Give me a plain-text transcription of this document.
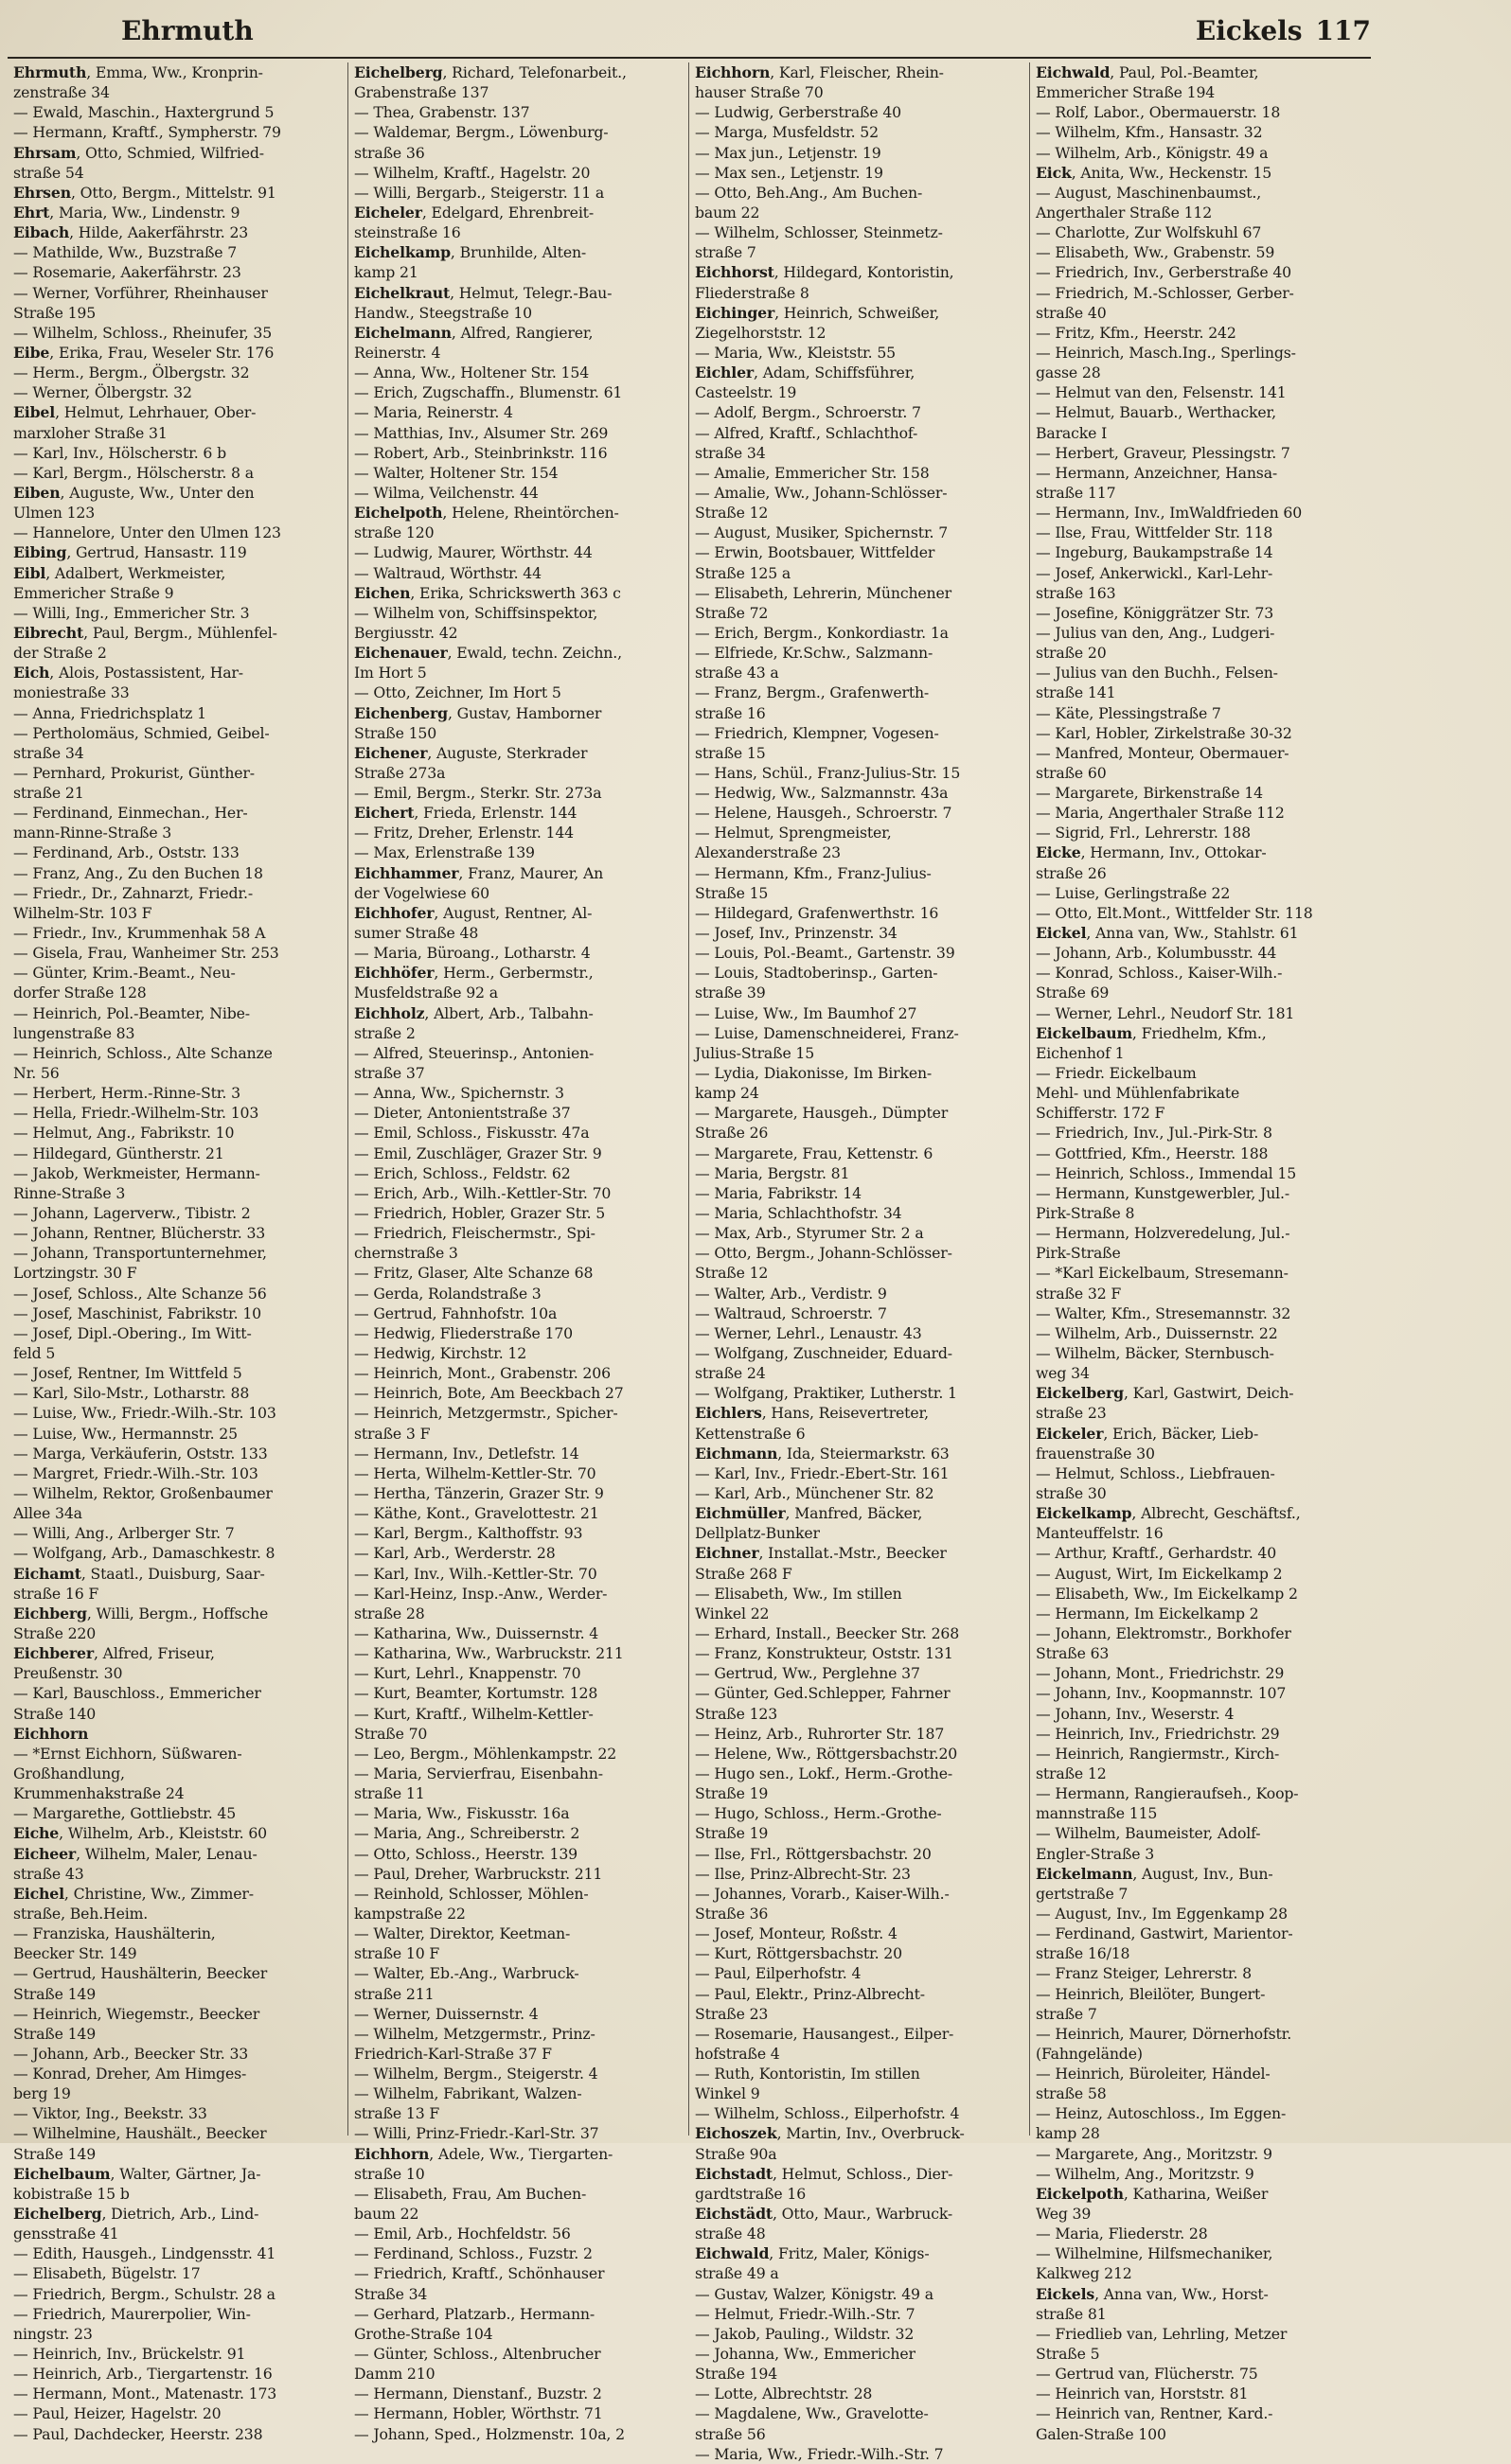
Ehrmuth	Eickels 117
Ehrmuth, Emma, Ww., Kronprin-
zenstraße 34
— Ewald, Maschin., Haxtergrund 5
— Hermann, Kraftf., Sympherstr. 79
Ehrsam, Otto, Schmied, Wilfried-
straße 54
Ehrsen, Otto, Bergm., Mittelstr. 91
Ehrt, Maria, Ww., Lindenstr. 9
Eibach, Hilde, Aakerfährstr. 23
— Mathilde, Ww., Buzstraße 7
— Rosemarie, Aakerfährstr. 23
— Werner, Vorführer, Rheinhauser
Straße 195
— Wilhelm, Schloss., Rheinufer, 35
Eibe, Erika, Frau, Weseler Str. 176
— Herm., Bergm., Ölbergstr. 32
— Werner, Ölbergstr. 32
Eibel, Helmut, Lehrhauer, Ober-
marxloher Straße 31
— Karl, Inv., Hölscherstr. 6 b
— Karl, Bergm., Hölscherstr. 8 a
Eiben, Auguste, Ww., Unter den
Ulmen 123
— Hannelore, Unter den Ulmen 123
Eibing, Gertrud, Hansastr. 119
Eibl, Adalbert, Werkmeister,
Emmericher Straße 9
— Willi, Ing., Emmericher Str. 3
Eibrecht, Paul, Bergm., Mühlenfel-
der Straße 2
Eich, Alois, Postassistent, Har-
moniestraße 33
— Anna, Friedrichsplatz 1
— Pertholomäus, Schmied, Geibel-
straße 34
— Pernhard, Prokurist, Günther-
straße 21
— Ferdinand, Einmechan., Her-
mann-Rinne-Straße 3
— Ferdinand, Arb., Oststr. 133
— Franz, Ang., Zu den Buchen 18
— Friedr., Dr., Zahnarzt, Friedr.-
Wilhelm-Str. 103 F
— Friedr., Inv., Krummenhak 58 A
— Gisela, Frau, Wanheimer Str. 253
— Günter, Krim.-Beamt., Neu-
dorfer Straße 128
— Heinrich, Pol.-Beamter, Nibe-
lungenstraße 83
— Heinrich, Schloss., Alte Schanze
Nr. 56
— Herbert, Herm.-Rinne-Str. 3
— Hella, Friedr.-Wilhelm-Str. 103
— Helmut, Ang., Fabrikstr. 10
— Hildegard, Güntherstr. 21
— Jakob, Werkmeister, Hermann-
Rinne-Straße 3
— Johann, Lagerverw., Tibistr. 2
— Johann, Rentner, Blücherstr. 33
— Johann, Transportunternehmer,
Lortzingstr. 30 F
— Josef, Schloss., Alte Schanze 56
— Josef, Maschinist, Fabrikstr. 10
— Josef, Dipl.-Obering., Im Witt-
feld 5
— Josef, Rentner, Im Wittfeld 5
— Karl, Silo-Mstr., Lotharstr. 88
— Luise, Ww., Friedr.-Wilh.-Str. 103
— Luise, Ww., Hermannstr. 25
— Marga, Verkäuferin, Oststr. 133
— Margret, Friedr.-Wilh.-Str. 103
— Wilhelm, Rektor, Großenbaumer
Allee 34a
— Willi, Ang., Arlberger Str. 7
— Wolfgang, Arb., Damaschkestr. 8
Eichamt, Staatl., Duisburg, Saar-
straße 16 F
Eichberg, Willi, Bergm., Hoffsche
Straße 220
Eichberer, Alfred, Friseur,
Preußenstr. 30
— Karl, Bauschloss., Emmericher
Straße 140
Eichhorn
— *Ernst Eichhorn, Süßwaren-
Großhandlung,
Krummenhakstraße 24
— Margarethe, Gottliebstr. 45
Eiche, Wilhelm, Arb., Kleiststr. 60
Eicheer, Wilhelm, Maler, Lenau-
straße 43
Eichel, Christine, Ww., Zimmer-
straße, Beh.Heim.
— Franziska, Haushälterin,
Beecker Str. 149
— Gertrud, Haushälterin, Beecker
Straße 149
— Heinrich, Wiegemstr., Beecker
Straße 149
— Johann, Arb., Beecker Str. 33
— Konrad, Dreher, Am Himges-
berg 19
— Viktor, Ing., Beekstr. 33
— Wilhelmine, Haushält., Beecker
Straße 149
Eichelbaum, Walter, Gärtner, Ja-
kobistraße 15 b
Eichelberg, Dietrich, Arb., Lind-
gensstraße 41
— Edith, Hausgeh., Lindgensstr. 41
— Elisabeth, Bügelstr. 17
— Friedrich, Bergm., Schulstr. 28 a
— Friedrich, Maurerpolier, Win-
ningstr. 23
— Heinrich, Inv., Brückelstr. 91
— Heinrich, Arb., Tiergartenstr. 16
— Hermann, Mont., Matenastr. 173
— Paul, Heizer, Hagelstr. 20
— Paul, Dachdecker, Heerstr. 238
Eichelberg, Richard, Telefonarbeit.,
Grabenstraße 137
— Thea, Grabenstr. 137
— Waldemar, Bergm., Löwenburg-
straße 36
— Wilhelm, Kraftf., Hagelstr. 20
— Willi, Bergarb., Steigerstr. 11 a
Eicheler, Edelgard, Ehrenbreit-
steinstraße 16
Eichelkamp, Brunhilde, Alten-
kamp 21
Eichelkraut, Helmut, Telegr.-Bau-
Handw., Steegstraße 10
Eichelmann, Alfred, Rangierer,
Reinerstr. 4
— Anna, Ww., Holtener Str. 154
— Erich, Zugschaffn., Blumenstr. 61
— Maria, Reinerstr. 4
— Matthias, Inv., Alsumer Str. 269
— Robert, Arb., Steinbrinkstr. 116
— Walter, Holtener Str. 154
— Wilma, Veilchenstr. 44
Eichelpoth, Helene, Rheintörchen-
straße 120
— Ludwig, Maurer, Wörthstr. 44
— Waltraud, Wörthstr. 44
Eichen, Erika, Schrickswerth 363 c
— Wilhelm von, Schiffsinspektor,
Bergiusstr. 42
Eichenauer, Ewald, techn. Zeichn.,
Im Hort 5
— Otto, Zeichner, Im Hort 5
Eichenberg, Gustav, Hamborner
Straße 150
Eichener, Auguste, Sterkrader
Straße 273a
— Emil, Bergm., Sterkr. Str. 273a
Eichert, Frieda, Erlenstr. 144
— Fritz, Dreher, Erlenstr. 144
— Max, Erlenstraße 139
Eichhammer, Franz, Maurer, An
der Vogelwiese 60
Eichhofer, August, Rentner, Al-
sumer Straße 48
— Maria, Büroang., Lotharstr. 4
Eichhöfer, Herm., Gerbermstr.,
Musfeldstraße 92 a
Eichholz, Albert, Arb., Talbahn-
straße 2
— Alfred, Steuerinsp., Antonien-
straße 37
— Anna, Ww., Spichernstr. 3
— Dieter, Antonientstraße 37
— Emil, Schloss., Fiskusstr. 47a
— Emil, Zuschläger, Grazer Str. 9
— Erich, Schloss., Feldstr. 62
— Erich, Arb., Wilh.-Kettler-Str. 70
— Friedrich, Hobler, Grazer Str. 5
— Friedrich, Fleischermstr., Spi-
chernstraße 3
— Fritz, Glaser, Alte Schanze 68
— Gerda, Rolandstraße 3
— Gertrud, Fahnhofstr. 10a
— Hedwig, Fliederstraße 170
— Hedwig, Kirchstr. 12
— Heinrich, Mont., Grabenstr. 206
— Heinrich, Bote, Am Beeckbach 27
— Heinrich, Metzgermstr., Spicher-
straße 3 F
— Hermann, Inv., Detlefstr. 14
— Herta, Wilhelm-Kettler-Str. 70
— Hertha, Tänzerin, Grazer Str. 9
— Käthe, Kont., Gravelottestr. 21
— Karl, Bergm., Kalthoffstr. 93
— Karl, Arb., Werderstr. 28
— Karl, Inv., Wilh.-Kettler-Str. 70
— Karl-Heinz, Insp.-Anw., Werder-
straße 28
— Katharina, Ww., Duissernstr. 4
— Katharina, Ww., Warbruckstr. 211
— Kurt, Lehrl., Knappenstr. 70
— Kurt, Beamter, Kortumstr. 128
— Kurt, Kraftf., Wilhelm-Kettler-
Straße 70
— Leo, Bergm., Möhlenkampstr. 22
— Maria, Servierfrau, Eisenbahn-
straße 11
— Maria, Ww., Fiskusstr. 16a
— Maria, Ang., Schreiberstr. 2
— Otto, Schloss., Heerstr. 139
— Paul, Dreher, Warbruckstr. 211
— Reinhold, Schlosser, Möhlen-
kampstraße 22
— Walter, Direktor, Keetman-
straße 10 F
— Walter, Eb.-Ang., Warbruck-
straße 211
— Werner, Duissernstr. 4
— Wilhelm, Metzgermstr., Prinz-
Friedrich-Karl-Straße 37 F
— Wilhelm, Bergm., Steigerstr. 4
— Wilhelm, Fabrikant, Walzen-
straße 13 F
— Willi, Prinz-Friedr.-Karl-Str. 37
Eichhorn, Adele, Ww., Tiergarten-
straße 10
— Elisabeth, Frau, Am Buchen-
baum 22
— Emil, Arb., Hochfeldstr. 56
— Ferdinand, Schloss., Fuzstr. 2
— Friedrich, Kraftf., Schönhauser
Straße 34
— Gerhard, Platzarb., Hermann-
Grothe-Straße 104
— Günter, Schloss., Altenbrucher
Damm 210
— Hermann, Dienstanf., Buzstr. 2
— Hermann, Hobler, Wörthstr. 71
— Johann, Sped., Holzmenstr. 10a, 2
Eichhorn, Karl, Fleischer, Rhein-
hauser Straße 70
— Ludwig, Gerberstraße 40
— Marga, Musfeldstr. 52
— Max jun., Letjenstr. 19
— Max sen., Letjenstr. 19
— Otto, Beh.Ang., Am Buchen-
baum 22
— Wilhelm, Schlosser, Steinmetz-
straße 7
Eichhorst, Hildegard, Kontoristin,
Fliederstraße 8
Eichinger, Heinrich, Schweißer,
Ziegelhorststr. 12
— Maria, Ww., Kleiststr. 55
Eichler, Adam, Schiffsführer,
Casteelstr. 19
— Adolf, Bergm., Schroerstr. 7
— Alfred, Kraftf., Schlachthof-
straße 34
— Amalie, Emmericher Str. 158
— Amalie, Ww., Johann-Schlösser-
Straße 12
— August, Musiker, Spichernstr. 7
— Erwin, Bootsbauer, Wittfelder
Straße 125 a
— Elisabeth, Lehrerin, Münchener
Straße 72
— Erich, Bergm., Konkordiastr. 1a
— Elfriede, Kr.Schw., Salzmann-
straße 43 a
— Franz, Bergm., Grafenwerth-
straße 16
— Friedrich, Klempner, Vogesen-
straße 15
— Hans, Schül., Franz-Julius-Str. 15
— Hedwig, Ww., Salzmannstr. 43a
— Helene, Hausgeh., Schroerstr. 7
— Helmut, Sprengmeister,
Alexanderstraße 23
— Hermann, Kfm., Franz-Julius-
Straße 15
— Hildegard, Grafenwerthstr. 16
— Josef, Inv., Prinzenstr. 34
— Louis, Pol.-Beamt., Gartenstr. 39
— Louis, Stadtoberinsp., Garten-
straße 39
— Luise, Ww., Im Baumhof 27
— Luise, Damenschneiderei, Franz-
Julius-Straße 15
— Lydia, Diakonisse, Im Birken-
kamp 24
— Margarete, Hausgeh., Dümpter
Straße 26
— Margarete, Frau, Kettenstr. 6
— Maria, Bergstr. 81
— Maria, Fabrikstr. 14
— Maria, Schlachthofstr. 34
— Max, Arb., Styrumer Str. 2 a
— Otto, Bergm., Johann-Schlösser-
Straße 12
— Walter, Arb., Verdistr. 9
— Waltraud, Schroerstr. 7
— Werner, Lehrl., Lenaustr. 43
— Wolfgang, Zuschneider, Eduard-
straße 24
— Wolfgang, Praktiker, Lutherstr. 1
Eichlers, Hans, Reisevertreter,
Kettenstraße 6
Eichmann, Ida, Steiermarkstr. 63
— Karl, Inv., Friedr.-Ebert-Str. 161
— Karl, Arb., Münchener Str. 82
Eichmüller, Manfred, Bäcker,
Dellplatz-Bunker
Eichner, Installat.-Mstr., Beecker
Straße 268 F
— Elisabeth, Ww., Im stillen
Winkel 22
— Erhard, Install., Beecker Str. 268
— Franz, Konstrukteur, Oststr. 131
— Gertrud, Ww., Perglehne 37
— Günter, Ged.Schlepper, Fahrner
Straße 123
— Heinz, Arb., Ruhrorter Str. 187
— Helene, Ww., Röttgersbachstr.20
— Hugo sen., Lokf., Herm.-Grothe-
Straße 19
— Hugo, Schloss., Herm.-Grothe-
Straße 19
— Ilse, Frl., Röttgersbachstr. 20
— Ilse, Prinz-Albrecht-Str. 23
— Johannes, Vorarb., Kaiser-Wilh.-
Straße 36
— Josef, Monteur, Roßstr. 4
— Kurt, Röttgersbachstr. 20
— Paul, Eilperhofstr. 4
— Paul, Elektr., Prinz-Albrecht-
Straße 23
— Rosemarie, Hausangest., Eilper-
hofstraße 4
— Ruth, Kontoristin, Im stillen
Winkel 9
— Wilhelm, Schloss., Eilperhofstr. 4
Eichoszek, Martin, Inv., Overbruck-
Straße 90a
Eichstadt, Helmut, Schloss., Dier-
gardtstraße 16
Eichstädt, Otto, Maur., Warbruck-
straße 48
Eichwald, Fritz, Maler, Königs-
straße 49 a
— Gustav, Walzer, Königstr. 49 a
— Helmut, Friedr.-Wilh.-Str. 7
— Jakob, Pauling., Wildstr. 32
— Johanna, Ww., Emmericher
Straße 194
— Lotte, Albrechtstr. 28
— Magdalene, Ww., Gravelotte-
straße 56
— Maria, Ww., Friedr.-Wilh.-Str. 7
Eichwald, Paul, Pol.-Beamter,
Emmericher Straße 194
— Rolf, Labor., Obermauerstr. 18
— Wilhelm, Kfm., Hansastr. 32
— Wilhelm, Arb., Königstr. 49 a
Eick, Anita, Ww., Heckenstr. 15
— August, Maschinenbaumst.,
Angerthaler Straße 112
— Charlotte, Zur Wolfskuhl 67
— Elisabeth, Ww., Grabenstr. 59
— Friedrich, Inv., Gerberstraße 40
— Friedrich, M.-Schlosser, Gerber-
straße 40
— Fritz, Kfm., Heerstr. 242
— Heinrich, Masch.Ing., Sperlings-
gasse 28
— Helmut van den, Felsenstr. 141
— Helmut, Bauarb., Werthacker,
Baracke I
— Herbert, Graveur, Plessingstr. 7
— Hermann, Anzeichner, Hansa-
straße 117
— Hermann, Inv., ImWaldfrieden 60
— Ilse, Frau, Wittfelder Str. 118
— Ingeburg, Baukampstraße 14
— Josef, Ankerwickl., Karl-Lehr-
straße 163
— Josefine, Königgrätzer Str. 73
— Julius van den, Ang., Ludgeri-
straße 20
— Julius van den Buchh., Felsen-
straße 141
— Käte, Plessingstraße 7
— Karl, Hobler, Zirkelstraße 30-32
— Manfred, Monteur, Obermauer-
straße 60
— Margarete, Birkenstraße 14
— Maria, Angerthaler Straße 112
— Sigrid, Frl., Lehrerstr. 188
Eicke, Hermann, Inv., Ottokar-
straße 26
— Luise, Gerlingstraße 22
— Otto, Elt.Mont., Wittfelder Str. 118
Eickel, Anna van, Ww., Stahlstr. 61
— Johann, Arb., Kolumbusstr. 44
— Konrad, Schloss., Kaiser-Wilh.-
Straße 69
— Werner, Lehrl., Neudorf Str. 181
Eickelbaum, Friedhelm, Kfm.,
Eichenhof 1
— Friedr. Eickelbaum
Mehl- und Mühlenfabrikate
Schifferstr. 172 F
— Friedrich, Inv., Jul.-Pirk-Str. 8
— Gottfried, Kfm., Heerstr. 188
— Heinrich, Schloss., Immendal 15
— Hermann, Kunstgewerbler, Jul.-
Pirk-Straße 8
— Hermann, Holzveredelung, Jul.-
Pirk-Straße
— *Karl Eickelbaum, Stresemann-
straße 32 F
— Walter, Kfm., Stresemannstr. 32
— Wilhelm, Arb., Duissernstr. 22
— Wilhelm, Bäcker, Sternbusch-
weg 34
Eickelberg, Karl, Gastwirt, Deich-
straße 23
Eickeler, Erich, Bäcker, Lieb-
frauenstraße 30
— Helmut, Schloss., Liebfrauen-
straße 30
Eickelkamp, Albrecht, Geschäftsf.,
Manteuffelstr. 16
— Arthur, Kraftf., Gerhardstr. 40
— August, Wirt, Im Eickelkamp 2
— Elisabeth, Ww., Im Eickelkamp 2
— Hermann, Im Eickelkamp 2
— Johann, Elektromstr., Borkhofer
Straße 63
— Johann, Mont., Friedrichstr. 29
— Johann, Inv., Koopmannstr. 107
— Johann, Inv., Weserstr. 4
— Heinrich, Inv., Friedrichstr. 29
— Heinrich, Rangiermstr., Kirch-
straße 12
— Hermann, Rangieraufseh., Koop-
mannstraße 115
— Wilhelm, Baumeister, Adolf-
Engler-Straße 3
Eickelmann, August, Inv., Bun-
gertstraße 7
— August, Inv., Im Eggenkamp 28
— Ferdinand, Gastwirt, Marientor-
straße 16/18
— Franz Steiger, Lehrerstr. 8
— Heinrich, Bleilöter, Bungert-
straße 7
— Heinrich, Maurer, Dörnerhofstr.
(Fahngelände)
— Heinrich, Büroleiter, Händel-
straße 58
— Heinz, Autoschloss., Im Eggen-
kamp 28
— Margarete, Ang., Moritzstr. 9
— Wilhelm, Ang., Moritzstr. 9
Eickelpoth, Katharina, Weißer
Weg 39
— Maria, Fliederstr. 28
— Wilhelmine, Hilfsmechaniker,
Kalkweg 212
Eickels, Anna van, Ww., Horst-
straße 81
— Friedlieb van, Lehrling, Metzer
Straße 5
— Gertrud van, Flücherstr. 75
— Heinrich van, Horststr. 81
— Heinrich van, Rentner, Kard.-
Galen-Straße 100
